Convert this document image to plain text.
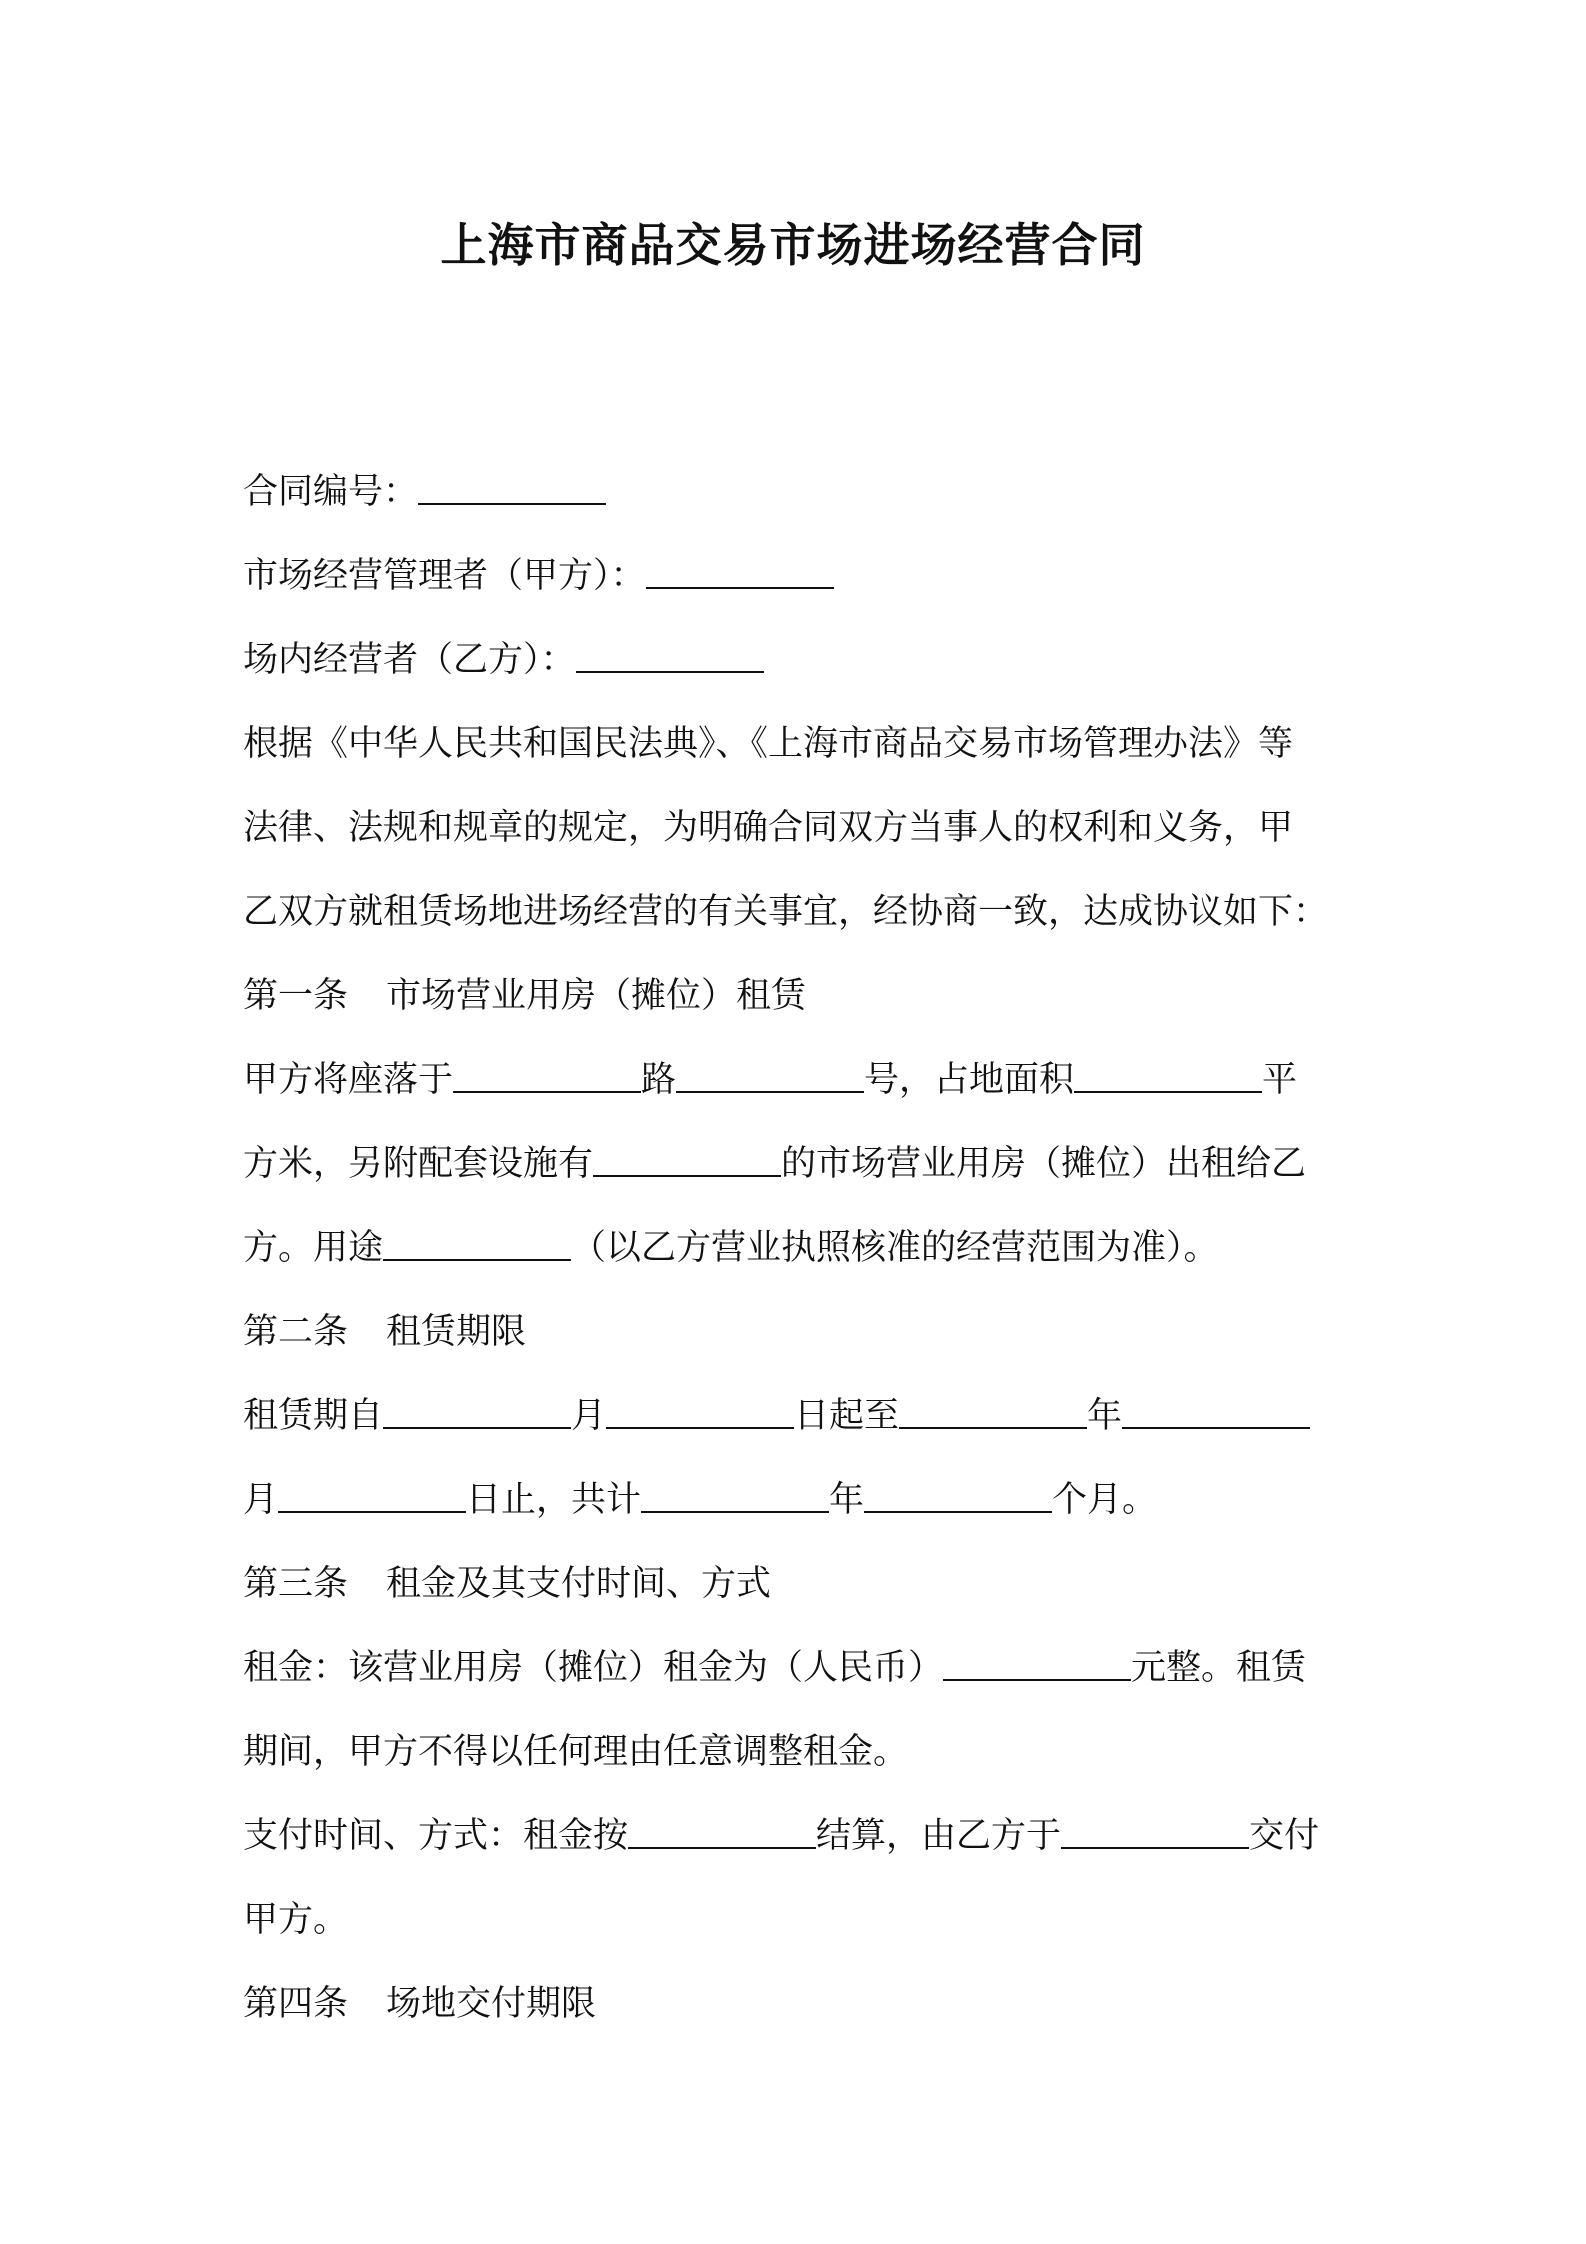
上海市商品交易市场进场经营合同
合同编号：
市场经营管理者（甲方）：
场内经营者（乙方）：
根据《中华人民共和国民法典》、《上海市商品交易市场管理办法》等
法律、法规和规章的规定，为明确合同双方当事人的权利和义务，甲
乙双方就租赁场地进场经营的有关事宜，经协商一致，达成协议如下：
第一条 市场营业用房（摊位）租赁
甲方将座落于	路	号，占地面积	平
方米，另附配套设施有	的市场营业用房（摊位）出租给乙
方。用途	（以乙方营业执照核准的经营范围为准）。
第二条 租赁期限
租赁期自	月	日起至	年
月	日止，共计	年	个月。
第三条 租金及其支付时间、方式
租金：该营业用房（摊位）租金为（人民币）	元整。租赁
期间，甲方不得以任何理由任意调整租金。
支付时间、方式：租金按	结算，由乙方于	交付
甲方。
第四条 场地交付期限
